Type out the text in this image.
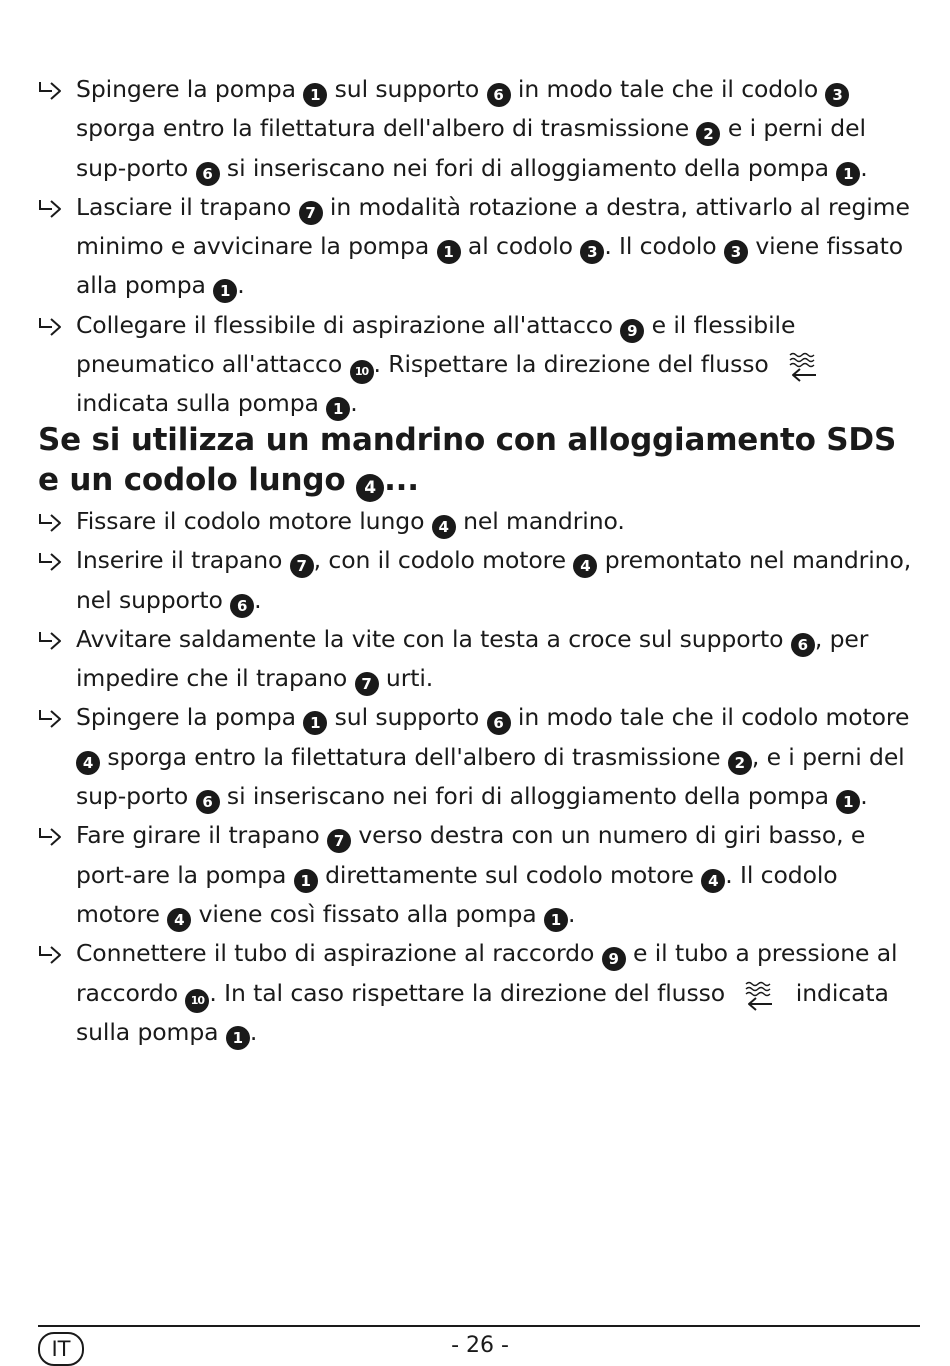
Spingere la pompa 1 sul supporto 6 in modo tale che il codolo 3 sporga entro la filettatura dell'albero di trasmissione 2 e i perni del sup-porto 6 si inseriscano nei fori di alloggiamento della pompa 1 .
Lasciare il trapano 7 in modalità rotazione a destra, attivarlo al regime minimo e avvicinare la pompa 1 al codolo 3 . Il codolo 3 viene fissato alla pompa 1 .
Collegare il flessibile di aspirazione all'attacco 9 e il flessibile pneumatico all'attacco 10 . Rispettare la direzione del flusso  indicata sulla pompa 1 .
Se si utilizza un mandrino con alloggiamento SDS e un codolo lungo 4 ...
Fissare il codolo motore lungo 4 nel mandrino.
Inserire il trapano 7 , con il codolo motore 4 premontato nel mandrino, nel supporto 6 .
Avvitare saldamente la vite con la testa a croce sul supporto 6 , per impedire che il trapano 7 urti.
Spingere la pompa 1 sul supporto 6 in modo tale che il codolo motore 4 sporga entro la filettatura dell'albero di trasmissione 2 , e i perni del sup-porto 6 si inseriscano nei fori di alloggiamento della pompa 1 .
Fare girare il trapano 7 verso destra con un numero di giri basso, e port-are la pompa 1 direttamente sul codolo motore 4 . Il codolo motore 4 viene così fissato alla pompa 1 .
Connettere il tubo di aspirazione al raccordo 9 e il tubo a pressione al raccordo 10 . In tal caso rispettare la direzione del flusso  indicata sulla pompa 1 .
IT	- 26 -
